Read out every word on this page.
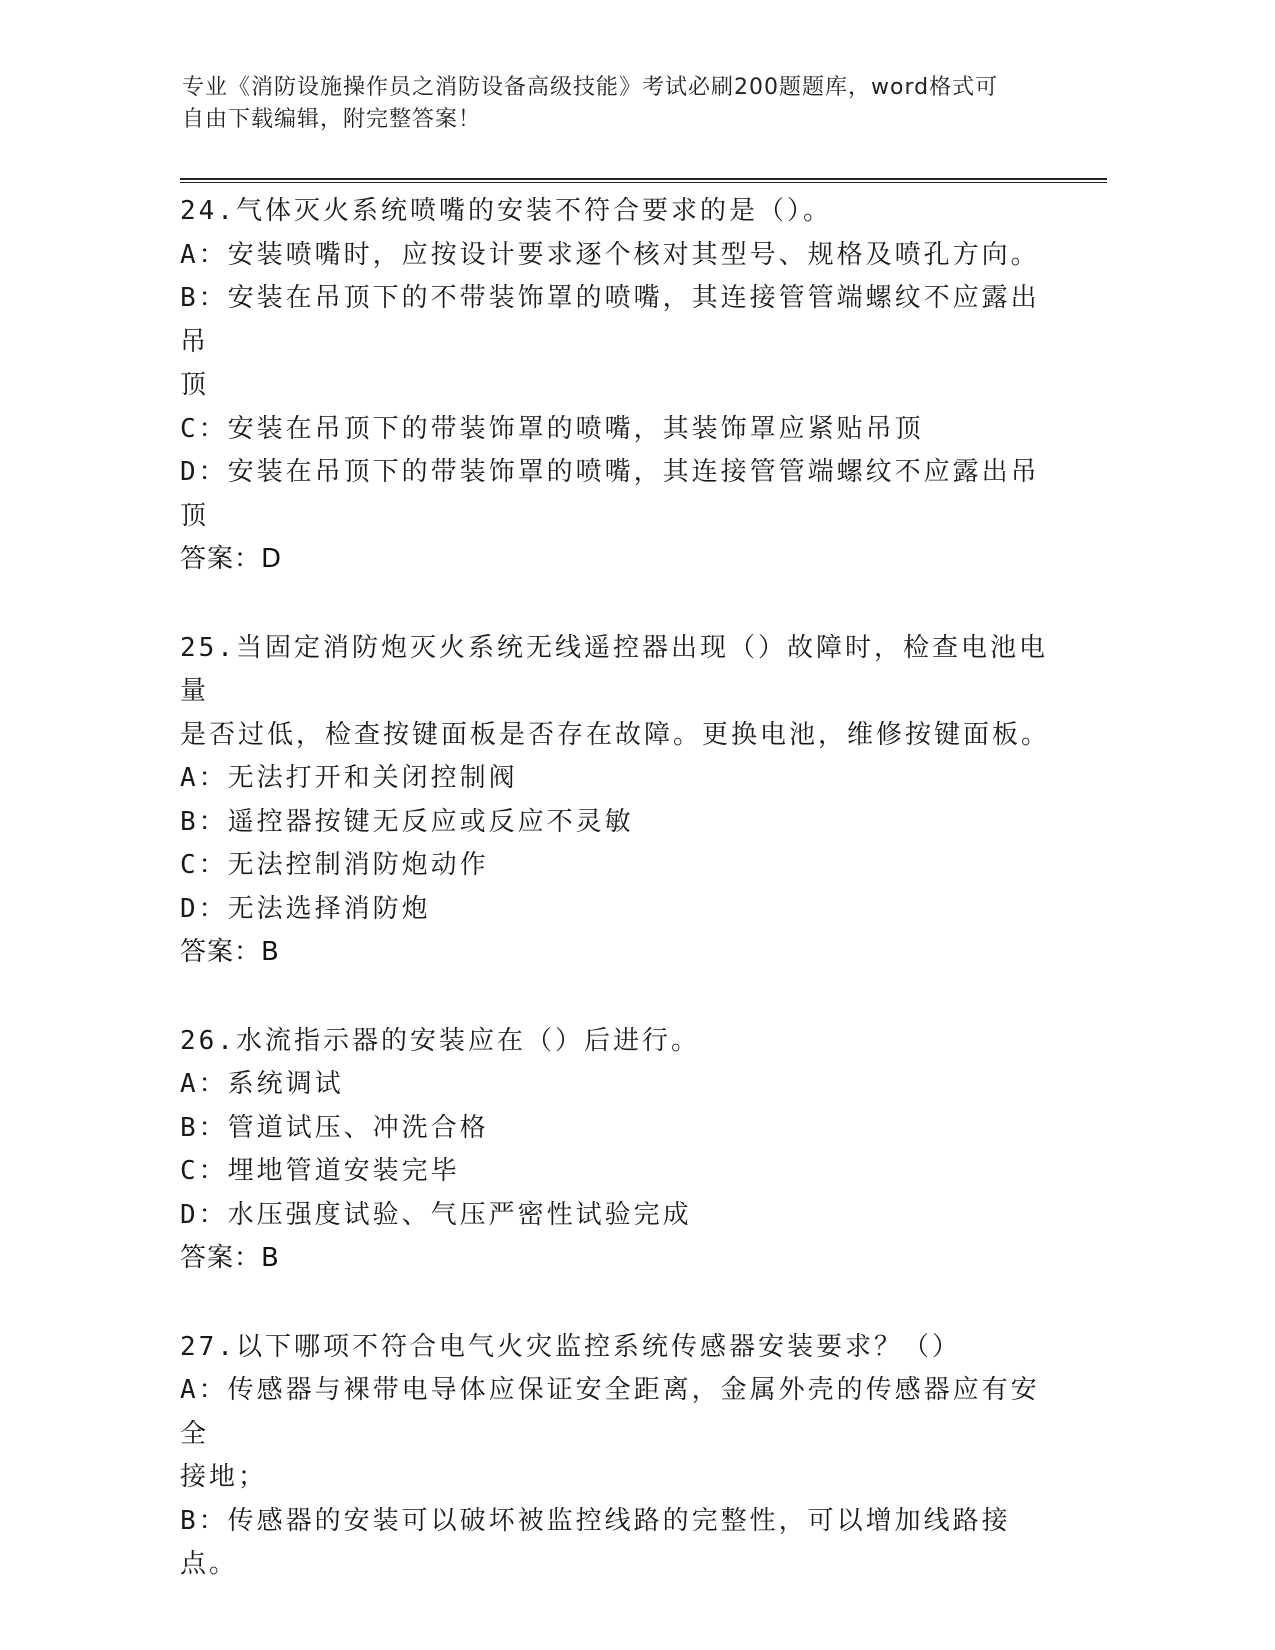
专业《消防设施操作员之消防设备高级技能》考试必刷200题题库，word格式可
自由下载编辑，附完整答案！
24.气体灭火系统喷嘴的安装不符合要求的是（）。
A：安装喷嘴时，应按设计要求逐个核对其型号、规格及喷孔方向。
B：安装在吊顶下的不带装饰罩的喷嘴，其连接管管端螺纹不应露出吊
顶
C：安装在吊顶下的带装饰罩的喷嘴，其装饰罩应紧贴吊顶
D：安装在吊顶下的带装饰罩的喷嘴，其连接管管端螺纹不应露出吊顶
答案：D
25.当固定消防炮灭火系统无线遥控器出现（）故障时，检查电池电量
是否过低，检查按键面板是否存在故障。更换电池，维修按键面板。
A：无法打开和关闭控制阀
B：遥控器按键无反应或反应不灵敏
C：无法控制消防炮动作
D：无法选择消防炮
答案：B
26.水流指示器的安装应在（）后进行。
A：系统调试
B：管道试压、冲洗合格
C：埋地管道安装完毕
D：水压强度试验、气压严密性试验完成
答案：B
27.以下哪项不符合电气火灾监控系统传感器安装要求？（）
A：传感器与裸带电导体应保证安全距离，金属外壳的传感器应有安全
接地；
B：传感器的安装可以破坏被监控线路的完整性，可以增加线路接点。
